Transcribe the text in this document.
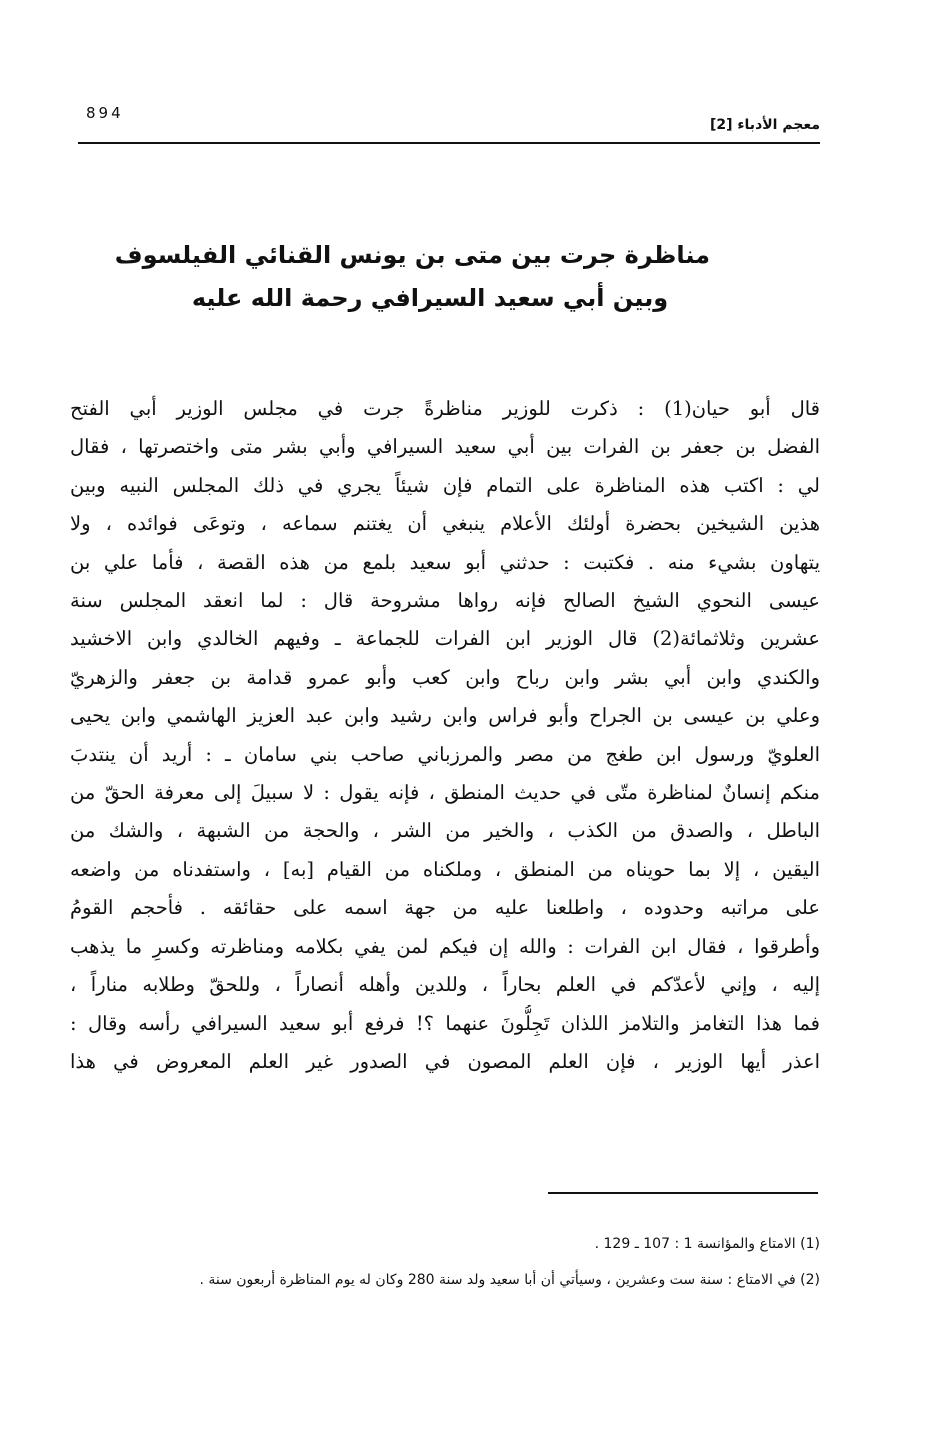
894
معجم الأدباء [2]
مناظرة جرت بين متى بن يونس القنائي الفيلسوف
وبين أبي سعيد السيرافي رحمة الله عليه
قال أبو حيان(1) : ذكرت للوزير مناظرةً جرت في مجلس الوزير أبي الفتح
الفضل بن جعفر بن الفرات بين أبي سعيد السيرافي وأبي بشر متى واختصرتها ، فقال
لي : اكتب هذه المناظرة على التمام فإن شيئاً يجري في ذلك المجلس النبيه وبين
هذين الشيخين بحضرة أولئك الأعلام ينبغي أن يغتنم سماعه ، وتوعَى فوائده ، ولا
يتهاون بشيء منه . فكتبت : حدثني أبو سعيد بلمع من هذه القصة ، فأما علي بن
عيسى النحوي الشيخ الصالح فإنه رواها مشروحة قال : لما انعقد المجلس سنة
عشرين وثلاثمائة(2) قال الوزير ابن الفرات للجماعة ـ وفيهم الخالدي وابن الاخشيد
والكندي وابن أبي بشر وابن رباح وابن كعب وأبو عمرو قدامة بن جعفر والزهريّ
وعلي بن عيسى بن الجراح وأبو فراس وابن رشيد وابن عبد العزيز الهاشمي وابن يحيى
العلويّ ورسول ابن طغج من مصر والمرزباني صاحب بني سامان ـ : أريد أن ينتدبَ
منكم إنسانٌ لمناظرة متّى في حديث المنطق ، فإنه يقول : لا سبيلَ إلى معرفة الحقّ من
الباطل ، والصدق من الكذب ، والخير من الشر ، والحجة من الشبهة ، والشك من
اليقين ، إلا بما حويناه من المنطق ، وملكناه من القيام [به] ، واستفدناه من واضعه
على مراتبه وحدوده ، واطلعنا عليه من جهة اسمه على حقائقه . فأحجم القومُ
وأطرقوا ، فقال ابن الفرات : والله إن فيكم لمن يفي بكلامه ومناظرته وكسرِ ما يذهب
إليه ، وإني لأعدّكم في العلم بحاراً ، وللدين وأهله أنصاراً ، وللحقّ وطلابه مناراً ،
فما هذا التغامز والتلامز اللذان تَجِلُّونَ عنهما ؟! فرفع أبو سعيد السيرافي رأسه وقال :
اعذر أيها الوزير ، فإن العلم المصون في الصدور غير العلم المعروض في هذا
(1) الامتاع والمؤانسة 1 : 107 ـ 129 .
(2) في الامتاع : سنة ست وعشرين ، وسيأتي أن أبا سعيد ولد سنة 280 وكان له يوم المناظرة أربعون سنة .
